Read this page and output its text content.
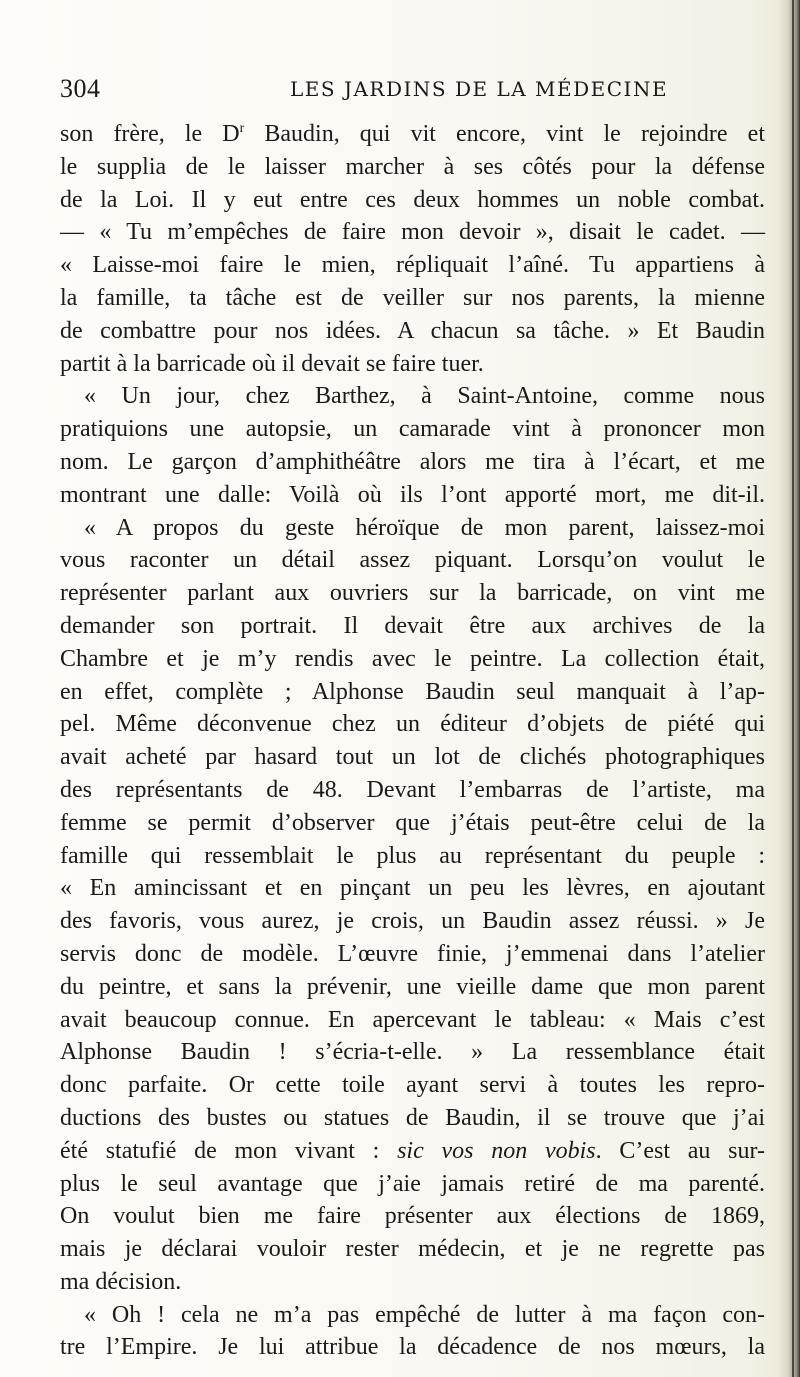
304	LES JARDINS DE LA MÉDECINE
son frère, le $D^r$ Baudin, qui vit encore, vint le rejoindre et
le supplia de le laisser marcher à ses côtés pour la défense
de la Loi. Il y eut entre ces deux hommes un noble combat.
— « Tu m’empêches de faire mon devoir », disait le cadet. —
« Laisse-moi faire le mien, répliquait l’aîné. Tu appartiens à
la famille, ta tâche est de veiller sur nos parents, la mienne
de combattre pour nos idées. A chacun sa tâche. » Et Baudin
partit à la barricade où il devait se faire tuer.
« Un jour, chez Barthez, à Saint-Antoine, comme nous
pratiquions une autopsie, un camarade vint à prononcer mon
nom. Le garçon d’amphithéâtre alors me tira à l’écart, et me
montrant une dalle: Voilà où ils l’ont apporté mort, me dit-il.
« A propos du geste héroïque de mon parent, laissez-moi
vous raconter un détail assez piquant. Lorsqu’on voulut le
représenter parlant aux ouvriers sur la barricade, on vint me
demander son portrait. Il devait être aux archives de la
Chambre et je m’y rendis avec le peintre. La collection était,
en effet, complète ; Alphonse Baudin seul manquait à l’ap-
pel. Même déconvenue chez un éditeur d’objets de piété qui
avait acheté par hasard tout un lot de clichés photographiques
des représentants de 48. Devant l’embarras de l’artiste, ma
femme se permit d’observer que j’étais peut-être celui de la
famille qui ressemblait le plus au représentant du peuple :
« En amincissant et en pinçant un peu les lèvres, en ajoutant
des favoris, vous aurez, je crois, un Baudin assez réussi. » Je
servis donc de modèle. L’œuvre finie, j’emmenai dans l’atelier
du peintre, et sans la prévenir, une vieille dame que mon parent
avait beaucoup connue. En apercevant le tableau: « Mais c’est
Alphonse Baudin ! s’écria-t-elle. » La ressemblance était
donc parfaite. Or cette toile ayant servi à toutes les repro-
ductions des bustes ou statues de Baudin, il se trouve que j’ai
été statufié de mon vivant : sic vos non vobis. C’est au sur-
plus le seul avantage que j’aie jamais retiré de ma parenté.
On voulut bien me faire présenter aux élections de 1869,
mais je déclarai vouloir rester médecin, et je ne regrette pas
ma décision.
« Oh ! cela ne m’a pas empêché de lutter à ma façon con-
tre l’Empire. Je lui attribue la décadence de nos mœurs, la
